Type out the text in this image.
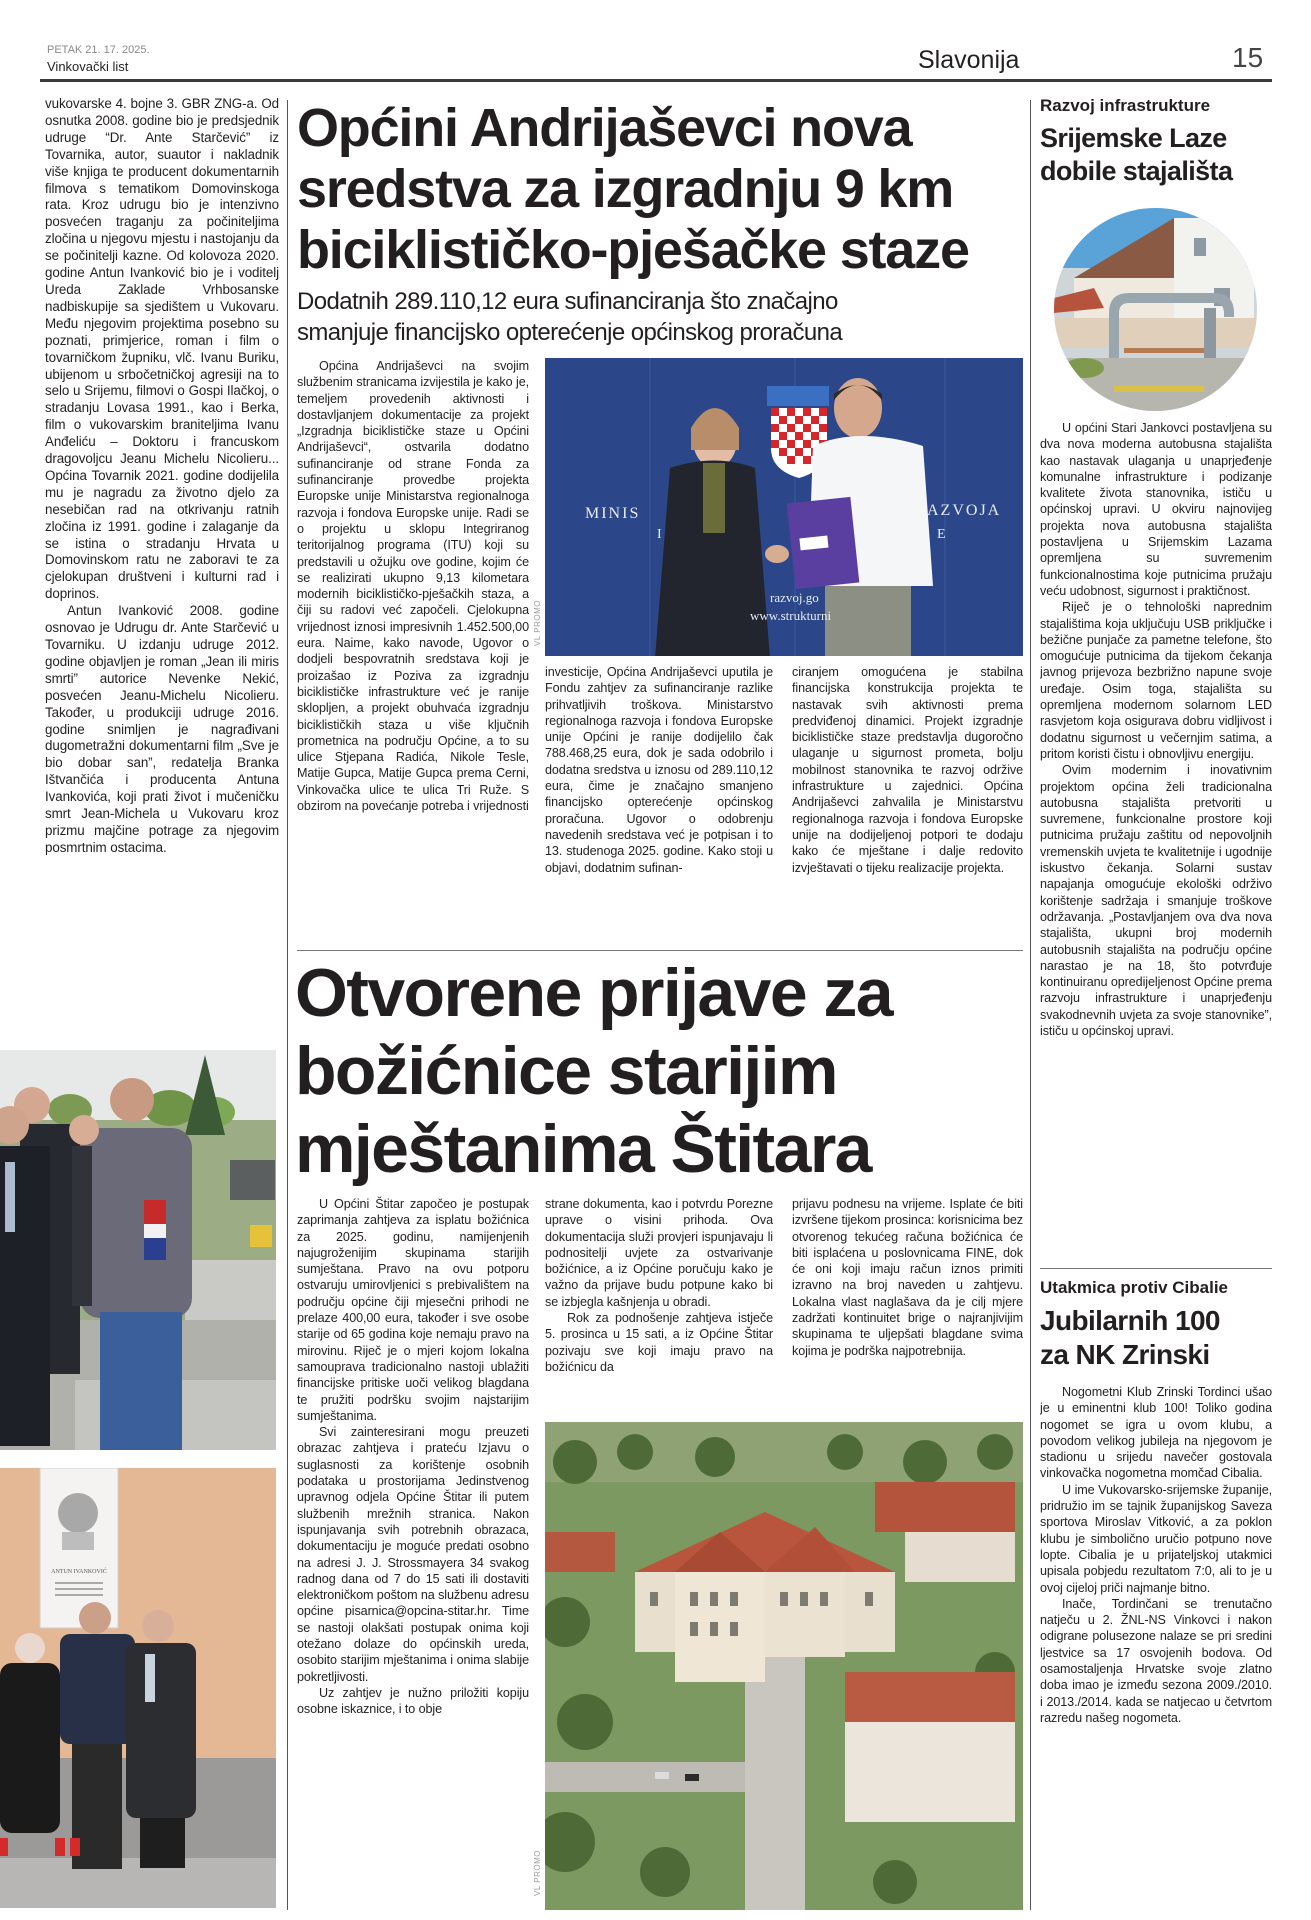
PETAK 21. 17. 2025.
Vinkovački list	Slavonija	15

vukovarske 4. bojne 3. GBR ZNG-a. Od osnutka 2008. godine bio je predsjednik udruge “Dr. Ante Starčević” iz Tovarnika, autor, suautor i nakladnik više knjiga te producent dokumentarnih filmova s tematikom Domovinskoga rata. Kroz udrugu bio je intenzivno posvećen traganju za počiniteljima zločina u njegovu mjestu i nastojanju da se počinitelji kazne. Od kolovoza 2020. godine Antun Ivanković bio je i voditelj Ureda Zaklade Vrhbosanske nadbiskupije sa sjedištem u Vukovaru. Među njegovim projektima posebno su poznati, primjerice, roman i film o tovarničkom župniku, vlč. Ivanu Buriku, ubijenom u srbočetničkoj agresiji na to selo u Srijemu, filmovi o Gospi Ilačkoj, o stradanju Lovasa 1991., kao i Berka, film o vukovarskim braniteljima Ivanu Anđeliću – Doktoru i francuskom dragovoljcu Jeanu Michelu Nicolieru... Općina Tovarnik 2021. godine dodijelila mu je nagradu za životno djelo za nesebičan rad na otkrivanju ratnih zločina iz 1991. godine i zalaganje da se istina o stradanju Hrvata u Domovinskom ratu ne zaboravi te za cjelokupan društveni i kulturni rad i doprinos.

Antun Ivanković 2008. godine osnovao je Udrugu dr. Ante Starčević u Tovarniku. U izdanju udruge 2012. godine objavljen je roman „Jean ili miris smrti” autorice Nevenke Nekić, posvećen Jeanu-Michelu Nicolieru. Također, u produkciji udruge 2016. godine snimljen je nagrađivani dugometražni dokumentarni film „Sve je bio dobar san”, redatelja Branka Ištvančića i producenta Antuna Ivankovića, koji prati život i mučeničku smrt Jean-Michela u Vukovaru kroz prizmu majčine potrage za njegovim posmrtnim ostacima.

ANTUN IVANKOVIĆ
Općini Andrijaševci nova
sredstva za izgradnju 9 km
biciklističko-pješačke staze
Dodatnih 289.110,12 eura sufinanciranja što značajno
smanjuje financijsko opterećenje općinskog proračuna

Općina Andrijaševci na svojim službenim stranicama izvijestila je kako je, temeljem provedenih aktivnosti i dostavljanjem dokumentacije za projekt „Izgradnja biciklističke staze u Općini Andrijaševci“, ostvarila dodatno sufinanciranje od strane Fonda za sufinanciranje provedbe projekta Europske unije Ministarstva regionalnoga razvoja i fondova Europske unije. Radi se o projektu u sklopu Integriranog teritorijalnog programa (ITU) koji su predstavili u ožujku ove godine, kojim će se realizirati ukupno 9,13 kilometara modernih biciklističko-pješačkih staza, a čiji su radovi već započeli. Cjelokupna vrijednost iznosi impresivnih 1.452.500,00 eura. Naime, kako navode, Ugovor o dodjeli bespovratnih sredstava koji je proizašao iz Poziva za izgradnju biciklističke infrastrukture već je ranije sklopljen, a projekt obuhvaća izgradnju biciklističkih staza u više ključnih prometnica na području Općine, a to su ulice Stjepana Radića, Nikole Tesle, Matije Gupca, Matije Gupca prema Cerni, Vinkovačka ulice te ulica Tri Ruže. S obzirom na povećanje potreba i vrijednosti

MINIS	AZVOJA
I	E
razvoj.go
www.strukturni
VL PROMO

investicije, Općina Andrijaševci uputila je Fondu zahtjev za sufinanciranje razlike prihvatljivih troškova. Ministarstvo regionalnoga razvoja i fondova Europske unije Općini je ranije dodijelilo čak 788.468,25 eura, dok je sada odobrilo i dodatna sredstva u iznosu od 289.110,12 eura, čime je značajno smanjeno financijsko opterećenje općinskog proračuna. Ugovor o odobrenju navedenih sredstava već je potpisan i to 13. studenoga 2025. godine. Kako stoji u objavi, dodatnim sufinan-

ciranjem omogućena je stabilna financijska konstrukcija projekta te nastavak svih aktivnosti prema predviđenoj dinamici. Projekt izgradnje biciklističke staze predstavlja dugoročno ulaganje u sigurnost prometa, bolju mobilnost stanovnika te razvoj održive infrastrukture u zajednici. Općina Andrijaševci zahvalila je Ministarstvu regionalnoga razvoja i fondova Europske unije na dodijeljenoj potpori te dodaju kako će mještane i dalje redovito izvještavati o tijeku realizacije projekta.

Otvorene prijave za
božićnice starijim
mještanima Štitara

U Općini Štitar započeo je postupak zaprimanja zahtjeva za isplatu božićnica za 2025. godinu, namijenjenih najugroženijim skupinama starijih sumještana. Pravo na ovu potporu ostvaruju umirovljenici s prebivalištem na području općine čiji mjesečni prihodi ne prelaze 400,00 eura, također i sve osobe starije od 65 godina koje nemaju pravo na mirovinu. Riječ je o mjeri kojom lokalna samouprava tradicionalno nastoji ublažiti financijske pritiske uoči velikog blagdana te pružiti podršku svojim najstarijim sumještanima.

Svi zainteresirani mogu preuzeti obrazac zahtjeva i prateću Izjavu o suglasnosti za korištenje osobnih podataka u prostorijama Jedinstvenog upravnog odjela Općine Štitar ili putem službenih mrežnih stranica. Nakon ispunjavanja svih potrebnih obrazaca, dokumentaciju je moguće predati osobno na adresi J. J. Strossmayera 34 svakog radnog dana od 7 do 15 sati ili dostaviti elektroničkom poštom na službenu adresu općine pisarnica@opcina-stitar.hr. Time se nastoji olakšati postupak onima koji otežano dolaze do općinskih ureda, osobito starijim mještanima i onima slabije pokretljivosti.

Uz zahtjev je nužno priložiti kopiju osobne iskaznice, i to obje

VL PROMO

strane dokumenta, kao i potvrdu Porezne uprave o visini prihoda. Ova dokumentacija služi provjeri ispunjavaju li podnositelji uvjete za ostvarivanje božićnice, a iz Općine poručuju kako je važno da prijave budu potpune kako bi se izbjegla kašnjenja u obradi.

Rok za podnošenje zahtjeva istječe 5. prosinca u 15 sati, a iz Općine Štitar pozivaju sve koji imaju pravo na božićnicu da

prijavu podnesu na vrijeme. Isplate će biti izvršene tijekom prosinca: korisnicima bez otvorenog tekućeg računa božićnica će biti isplaćena u poslovnicama FINE, dok će oni koji imaju račun iznos primiti izravno na broj naveden u zahtjevu. Lokalna vlast naglašava da je cilj mjere zadržati kontinuitet brige o najranjivijim skupinama te uljepšati blagdane svima kojima je podrška najpotrebnija.

Razvoj infrastrukture
Srijemske Laze
dobile stajališta

U općini Stari Jankovci postavljena su dva nova moderna autobusna stajališta kao nastavak ulaganja u unaprjeđenje komunalne infrastrukture i podizanje kvalitete života stanovnika, ističu u općinskoj upravi. U okviru najnovijeg projekta nova autobusna stajališta postavljena u Srijemskim Lazama opremljena su suvremenim funkcionalnostima koje putnicima pružaju veću udobnost, sigurnost i praktičnost.

Riječ je o tehnološki naprednim stajalištima koja uključuju USB priključke i bežične punjače za pametne telefone, što omogućuje putnicima da tijekom čekanja javnog prijevoza bezbrižno napune svoje uređaje. Osim toga, stajališta su opremljena modernom solarnom LED rasvjetom koja osigurava dobru vidljivost i dodatnu sigurnost u večernjim satima, a pritom koristi čistu i obnovljivu energiju.

Ovim modernim i inovativnim projektom općina želi tradicionalna autobusna stajališta pretvoriti u suvremene, funkcionalne prostore koji putnicima pružaju zaštitu od nepovoljnih vremenskih uvjeta te kvalitetnije i ugodnije iskustvo čekanja. Solarni sustav napajanja omogućuje ekološki održivo korištenje sadržaja i smanjuje troškove održavanja. „Postavljanjem ova dva nova stajališta, ukupni broj modernih autobusnih stajališta na području općine narastao je na 18, što potvrđuje kontinuiranu opredijeljenost Općine prema razvoju infrastrukture i unaprjeđenju svakodnevnih uvjeta za svoje stanovnike”, ističu u općinskoj upravi.

Utakmica protiv Cibalie
Jubilarnih 100
za NK Zrinski

Nogometni Klub Zrinski Tordinci ušao je u eminentni klub 100! Toliko godina nogomet se igra u ovom klubu, a povodom velikog jubileja na njegovom je stadionu u srijedu navečer gostovala vinkovačka nogometna momčad Cibalia.

U ime Vukovarsko-srijemske županije, pridružio im se tajnik županijskog Saveza sportova Miroslav Vitković, a za poklon klubu je simbolično uručio potpuno nove lopte. Cibalia je u prijateljskoj utakmici upisala pobjedu rezultatom 7:0, ali to je u ovoj cijeloj priči najmanje bitno.

Inače, Tordinčani se trenutačno natječu u 2. ŽNL-NS Vinkovci i nakon odigrane polusezone nalaze se pri sredini ljestvice sa 17 osvojenih bodova. Od osamostaljenja Hrvatske svoje zlatno doba imao je između sezona 2009./2010. i 2013./2014. kada se natjecao u četvrtom razredu našeg nogometa.
